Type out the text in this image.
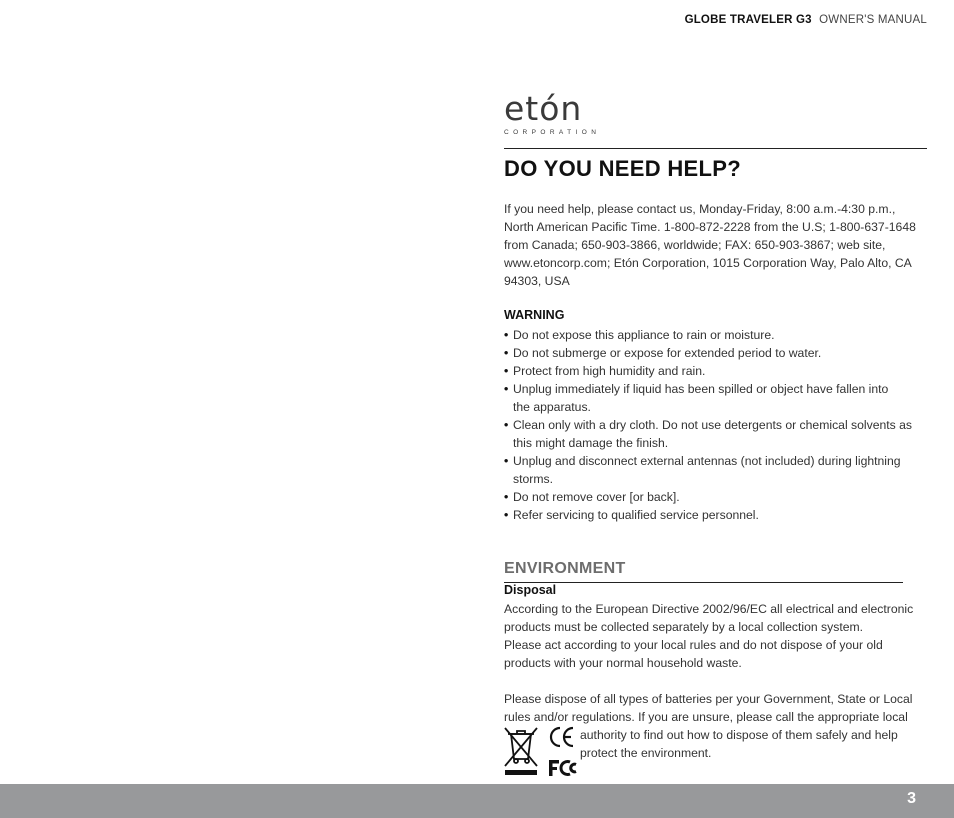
GLOBE TRAVELER G3 OWNER'S MANUAL
etón
CORPORATION
DO YOU NEED HELP?

If you need help, please contact us, Monday-Friday, 8:00 a.m.-4:30 p.m., North American Pacific Time. 1-800-872-2228 from the U.S; 1-800-637-1648 from Canada; 650-903-3866, worldwide; FAX: 650-903-3867; web site, www.etoncorp.com; Etón Corporation, 1015 Corporation Way, Palo Alto, CA 94303, USA

WARNING
• Do not expose this appliance to rain or moisture.
• Do not submerge or expose for extended period to water.
• Protect from high humidity and rain.
• Unplug immediately if liquid has been spilled or object have fallen into the apparatus.
• Clean only with a dry cloth. Do not use detergents or chemical solvents as this might damage the finish.
• Unplug and disconnect external antennas (not included) during lightning storms.
• Do not remove cover [or back].
• Refer servicing to qualified service personnel.
ENVIRONMENT
Disposal

According to the European Directive 2002/96/EC all electrical and electronic products must be collected separately by a local collection system.

Please act according to your local rules and do not dispose of your old products with your normal household waste.

Please dispose of all types of batteries per your Government, State or Local rules and/or regulations. If you are unsure, please call the appropriate local

authority to find out how to dispose of them safely and help protect the environment.

3
